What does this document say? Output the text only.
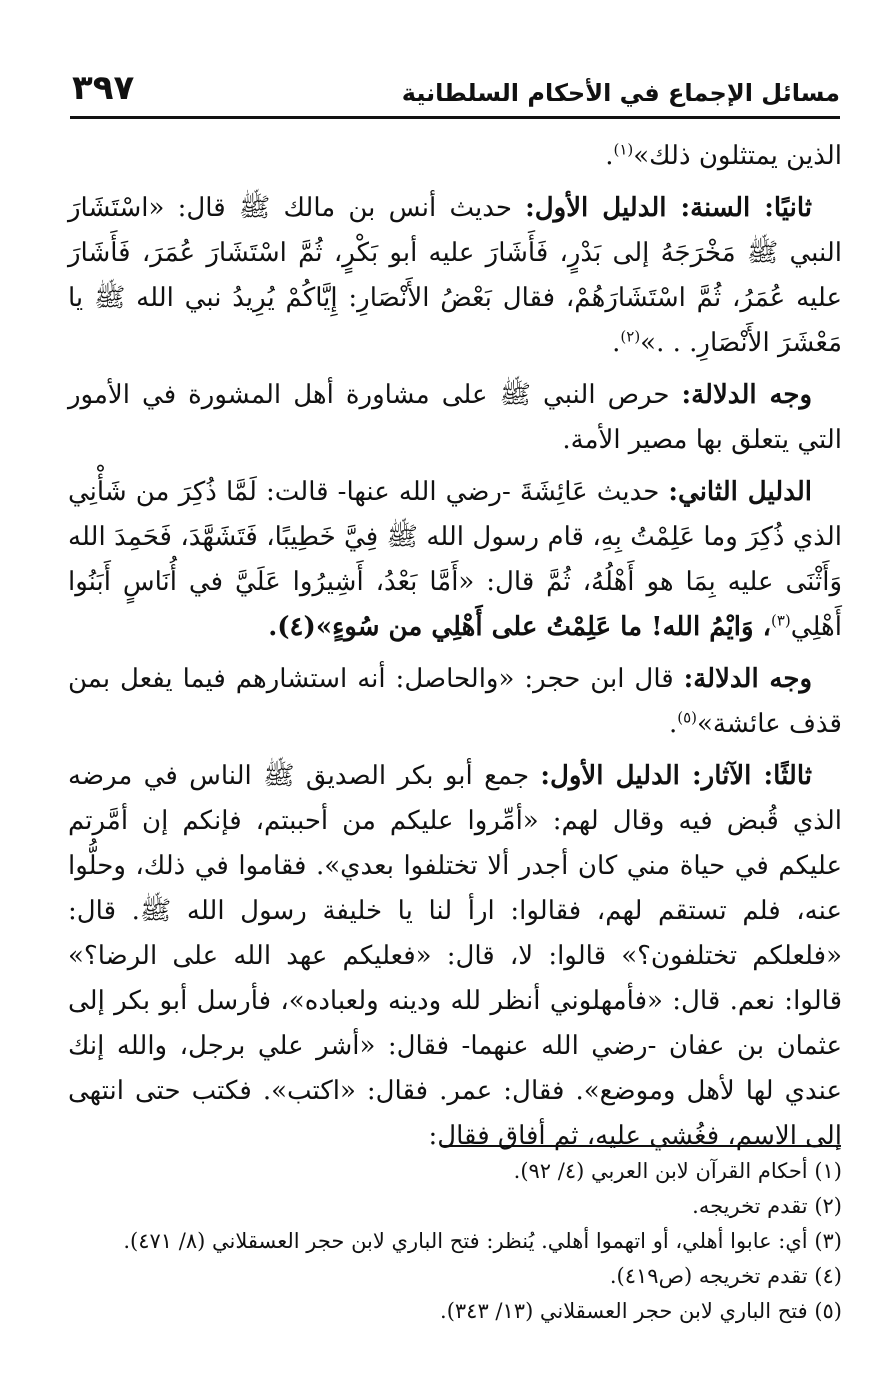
٣٩٧	مسائل الإجماع في الأحكام السلطانية

الذين يمتثلون ذلك»$^{(١)}$.

ثانيًا: السنة: الدليل الأول: حديث أنس بن مالك ﷺ قال: «اسْتَشَارَ النبي ﷺ مَخْرَجَهُ إلى بَدْرٍ، فَأَشَارَ عليه أبو بَكْرٍ، ثُمَّ اسْتَشَارَ عُمَرَ، فَأَشَارَ عليه عُمَرُ، ثُمَّ اسْتَشَارَهُمْ، فقال بَعْضُ الأَنْصَارِ: إِيَّاكُمْ يُرِيدُ نبي الله ﷺ يا مَعْشَرَ الأَنْصَارِ. . .»$^{(٢)}$.

وجه الدلالة: حرص النبي ﷺ على مشاورة أهل المشورة في الأمور التي يتعلق بها مصير الأمة.

الدليل الثاني: حديث عَائِشَةَ -رضي الله عنها- قالت: لَمَّا ذُكِرَ من شَأْنِي الذي ذُكِرَ وما عَلِمْتُ بِهِ، قام رسول الله ﷺ فِيَّ خَطِيبًا، فَتَشَهَّدَ، فَحَمِدَ الله وَأَثْنَى عليه بِمَا هو أَهْلُهُ، ثُمَّ قال: «أَمَّا بَعْدُ، أَشِيرُوا عَلَيَّ في أُنَاسٍ أَبَنُوا أَهْلِي$^{(٣)}$، وَايْمُ الله! ما عَلِمْتُ على أَهْلِي من سُوءٍ»(٤).

وجه الدلالة: قال ابن حجر: «والحاصل: أنه استشارهم فيما يفعل بمن قذف عائشة»$^{(٥)}$.

ثالثًا: الآثار: الدليل الأول: جمع أبو بكر الصديق ﷺ الناس في مرضه الذي قُبض فيه وقال لهم: «أمِّروا عليكم من أحببتم، فإنكم إن أمَّرتم عليكم في حياة مني كان أجدر ألا تختلفوا بعدي». فقاموا في ذلك، وحلُّوا عنه، فلم تستقم لهم، فقالوا: ارأ لنا يا خليفة رسول الله ﷺ. قال: «فلعلكم تختلفون؟» قالوا: لا، قال: «فعليكم عهد الله على الرضا؟» قالوا: نعم. قال: «فأمهلوني أنظر لله ودينه ولعباده»، فأرسل أبو بكر إلى عثمان بن عفان -رضي الله عنهما- فقال: «أشر علي برجل، والله إنك عندي لها لأهل وموضع». فقال: عمر. فقال: «اكتب». فكتب حتى انتهى إلى الاسم، فغُشي عليه، ثم أفاق فقال:

(١) أحكام القرآن لابن العربي (٤/ ٩٢).

(٢) تقدم تخريجه.

(٣) أي: عابوا أهلي، أو اتهموا أهلي. يُنظر: فتح الباري لابن حجر العسقلاني (٨/ ٤٧١).

(٤) تقدم تخريجه (ص٤١٩).

(٥) فتح الباري لابن حجر العسقلاني (١٣/ ٣٤٣).
